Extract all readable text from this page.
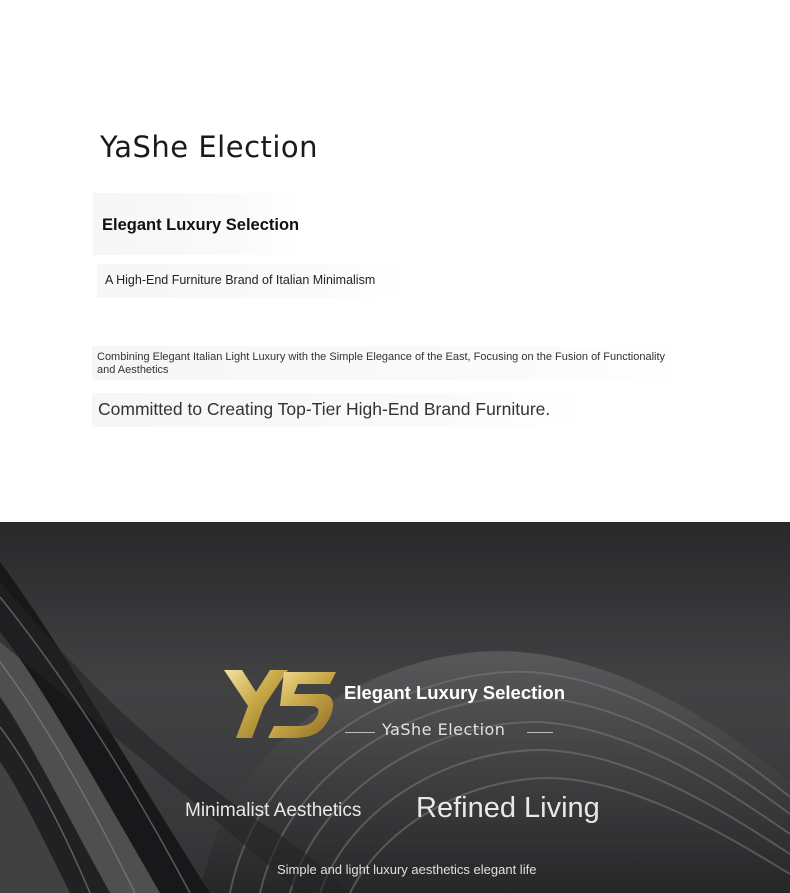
YaShe Election
Elegant Luxury Selection
A High-End Furniture Brand of Italian Minimalism
Combining Elegant Italian Light Luxury with the Simple Elegance of the East, Focusing on the Fusion of Functionality and Aesthetics
Committed to Creating Top-Tier High-End Brand Furniture.
Elegant Luxury Selection
YaShe Election
Minimalist Aesthetics Refined Living
Simple and light luxury aesthetics elegant life
